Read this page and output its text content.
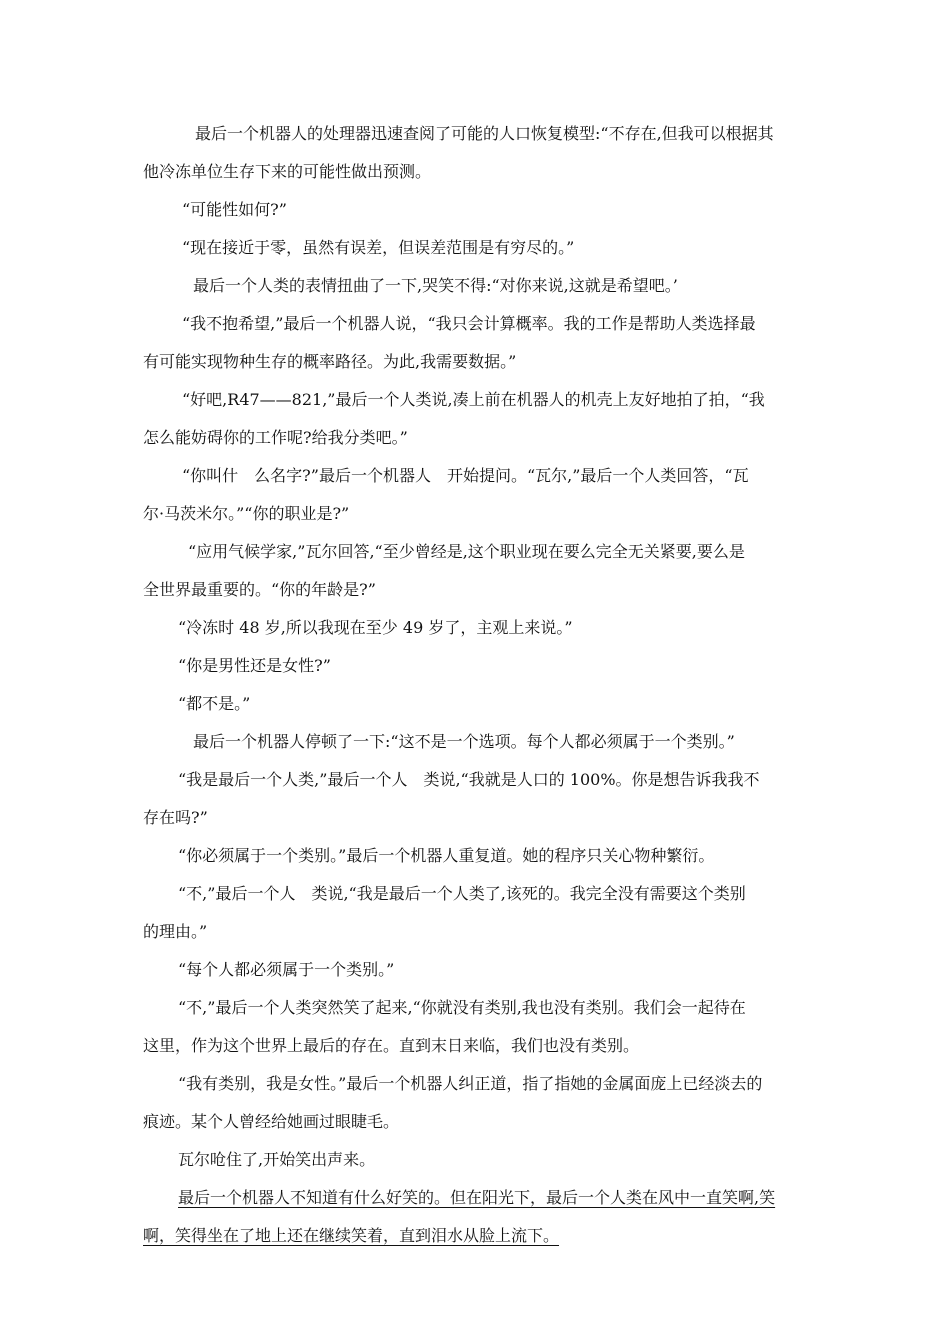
最后一个机器人的处理器迅速查阅了可能的人口恢复模型:“不存在,但我可以根据其
他冷冻单位生存下来的可能性做出预测。
“可能性如何?”
“现在接近于零，虽然有误差，但误差范围是有穷尽的。”
最后一个人类的表情扭曲了一下,哭笑不得:“对你来说,这就是希望吧。’
“我不抱希望,”最后一个机器人说，“我只会计算概率。我的工作是帮助人类选择最
有可能实现物种生存的概率路径。为此,我需要数据。”
“好吧,R47——821,”最后一个人类说,凑上前在机器人的机壳上友好地拍了拍，“我
怎么能妨碍你的工作呢?给我分类吧。”
“你叫什　么名字?”最后一个机器人　开始提问。“瓦尔,”最后一个人类回答，“瓦
尔·马茨米尔。”“你的职业是?”
“应用气候学家,”瓦尔回答,“至少曾经是,这个职业现在要么完全无关紧要,要么是
全世界最重要的。“你的年龄是?”
“冷冻时 48 岁,所以我现在至少 49 岁了，主观上来说。”
“你是男性还是女性?”
“都不是。”
最后一个机器人停顿了一下:“这不是一个选项。每个人都必须属于一个类别。”
“我是最后一个人类,”最后一个人　类说,“我就是人口的 100%。你是想告诉我我不
存在吗?”
“你必须属于一个类别。”最后一个机器人重复道。她的程序只关心物种繁衍。
“不,”最后一个人　类说,“我是最后一个人类了,该死的。我完全没有需要这个类别
的理由。”
“每个人都必须属于一个类别。”
“不,”最后一个人类突然笑了起来,“你就没有类别,我也没有类别。我们会一起待在
这里，作为这个世界上最后的存在。直到末日来临，我们也没有类别。
“我有类别，我是女性。”最后一个机器人纠正道，指了指她的金属面庞上已经淡去的
痕迹。某个人曾经给她画过眼睫毛。
瓦尔呛住了,开始笑出声来。
最后一个机器人不知道有什么好笑的。但在阳光下，最后一个人类在风中一直笑啊,笑
啊，笑得坐在了地上还在继续笑着，直到泪水从脸上流下。
